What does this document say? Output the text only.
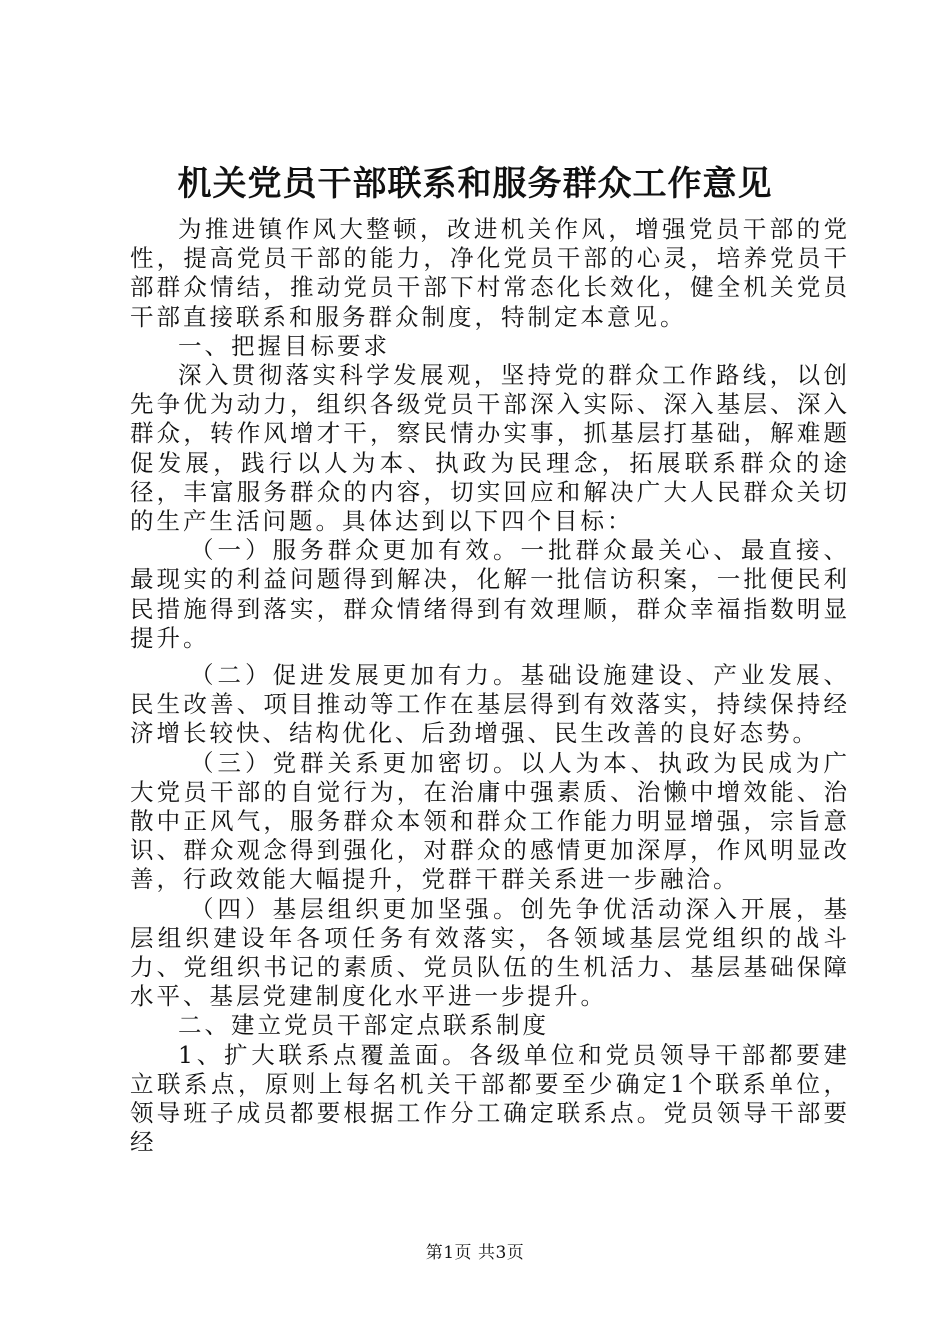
机关党员干部联系和服务群众工作意见

为推进镇作风大整顿，改进机关作风，增强党员干部的党性，提高党员干部的能力，净化党员干部的心灵，培养党员干部群众情结，推动党员干部下村常态化长效化，健全机关党员干部直接联系和服务群众制度，特制定本意见。

一、把握目标要求

深入贯彻落实科学发展观，坚持党的群众工作路线，以创先争优为动力，组织各级党员干部深入实际、深入基层、深入群众，转作风增才干，察民情办实事，抓基层打基础，解难题促发展，践行以人为本、执政为民理念，拓展联系群众的途径，丰富服务群众的内容，切实回应和解决广大人民群众关切的生产生活问题。具体达到以下四个目标：

（一）服务群众更加有效。一批群众最关心、最直接、最现实的利益问题得到解决，化解一批信访积案，一批便民利民措施得到落实，群众情绪得到有效理顺，群众幸福指数明显提升。

（二）促进发展更加有力。基础设施建设、产业发展、民生改善、项目推动等工作在基层得到有效落实，持续保持经济增长较快、结构优化、后劲增强、民生改善的良好态势。

（三）党群关系更加密切。以人为本、执政为民成为广大党员干部的自觉行为，在治庸中强素质、治懒中增效能、治散中正风气，服务群众本领和群众工作能力明显增强，宗旨意识、群众观念得到强化，对群众的感情更加深厚，作风明显改善，行政效能大幅提升，党群干群关系进一步融洽。

（四）基层组织更加坚强。创先争优活动深入开展，基层组织建设年各项任务有效落实，各领域基层党组织的战斗力、党组织书记的素质、党员队伍的生机活力、基层基础保障水平、基层党建制度化水平进一步提升。

二、建立党员干部定点联系制度

1、扩大联系点覆盖面。各级单位和党员领导干部都要建立联系点，原则上每名机关干部都要至少确定1个联系单位，领导班子成员都要根据工作分工确定联系点。党员领导干部要经

第1页 共3页
